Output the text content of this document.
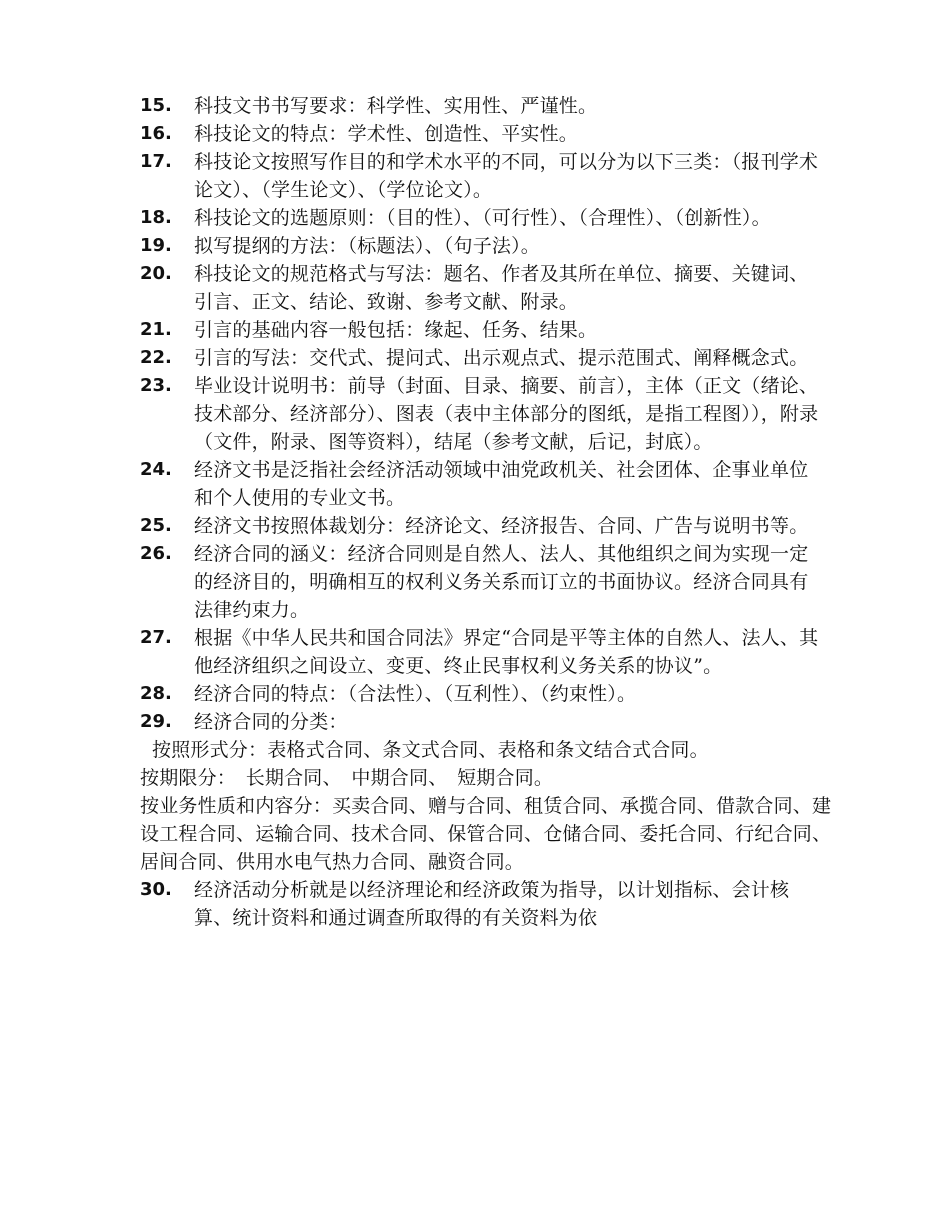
15.	科技文书书写要求：科学性、实用性、严谨性。
16.	科技论文的特点：学术性、创造性、平实性。
17.	科技论文按照写作目的和学术水平的不同，可以分为以下三类：（报刊学术论文）、（学生论文）、（学位论文）。
18.	科技论文的选题原则：（目的性）、（可行性）、（合理性）、（创新性）。
19.	拟写提纲的方法：（标题法）、（句子法）。
20.	科技论文的规范格式与写法：题名、作者及其所在单位、摘要、关键词、引言、正文、结论、致谢、参考文献、附录。
21.	引言的基础内容一般包括：缘起、任务、结果。
22.	引言的写法：交代式、提问式、出示观点式、提示范围式、阐释概念式。
23.	毕业设计说明书：前导（封面、目录、摘要、前言），主体（正文（绪论、技术部分、经济部分）、图表（表中主体部分的图纸，是指工程图）），附录（文件，附录、图等资料），结尾（参考文献，后记，封底）。
24.	经济文书是泛指社会经济活动领域中油党政机关、社会团体、企事业单位和个人使用的专业文书。
25.	经济文书按照体裁划分：经济论文、经济报告、合同、广告与说明书等。
26.	经济合同的涵义：经济合同则是自然人、法人、其他组织之间为实现一定的经济目的，明确相互的权利义务关系而订立的书面协议。经济合同具有法律约束力。
27.	根据《中华人民共和国合同法》界定“合同是平等主体的自然人、法人、其他经济组织之间设立、变更、终止民事权利义务关系的协议”。
28.	经济合同的特点：（合法性）、（互利性）、（约束性）。
29.	经济合同的分类：
按照形式分：表格式合同、条文式合同、表格和条文结合式合同。
按期限分：　长期合同、　中期合同、　短期合同。
按业务性质和内容分：买卖合同、赠与合同、租赁合同、承揽合同、借款合同、建设工程合同、运输合同、技术合同、保管合同、仓储合同、委托合同、行纪合同、居间合同、供用水电气热力合同、融资合同。
30.	经济活动分析就是以经济理论和经济政策为指导，以计划指标、会计核算、统计资料和通过调查所取得的有关资料为依
